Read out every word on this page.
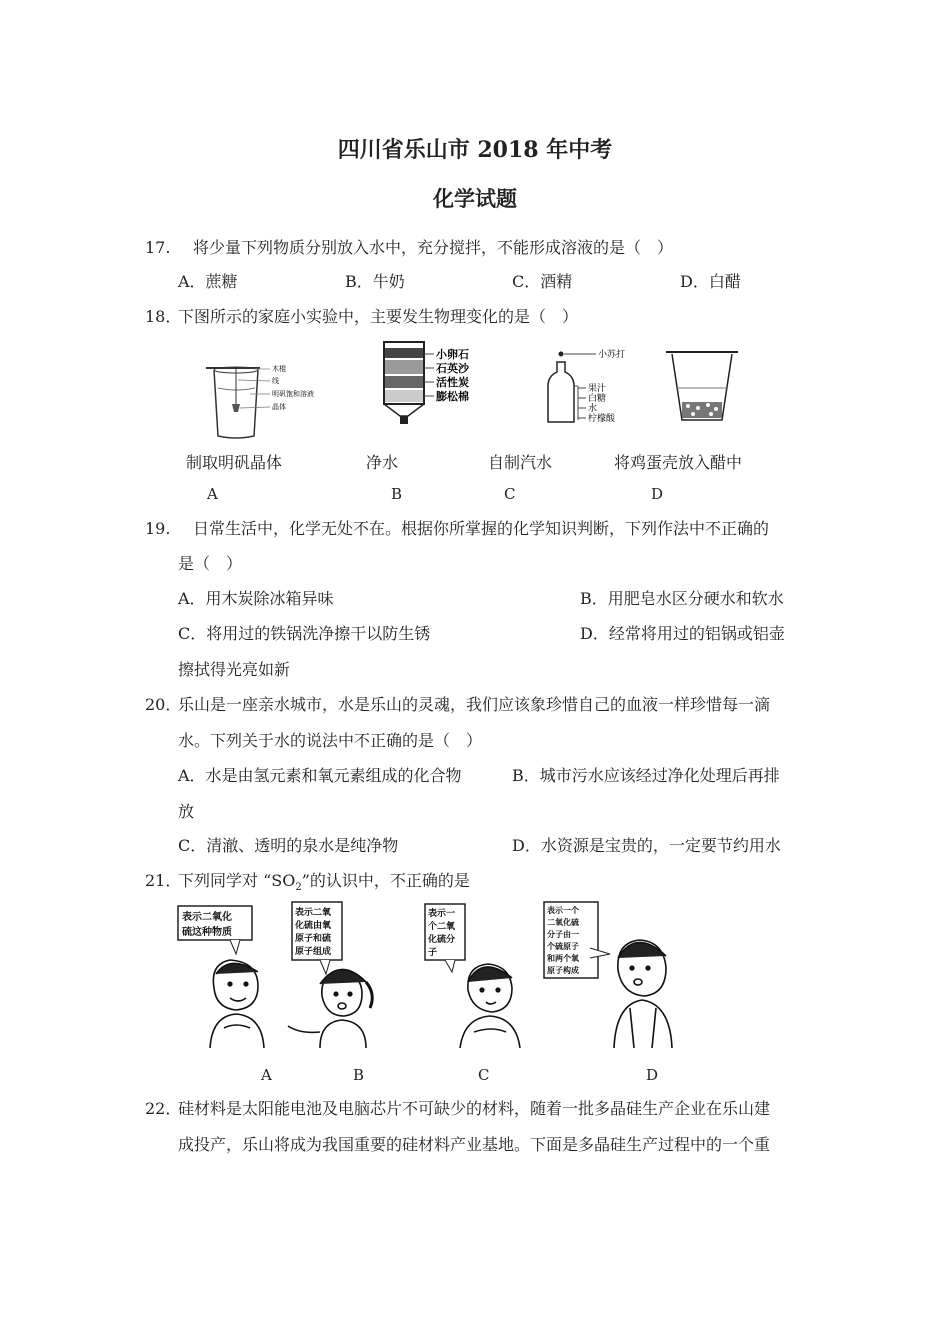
四川省乐山市 2018 年中考
化学试题
17. 将少量下列物质分别放入水中，充分搅拌，不能形成溶液的是（　）
A．蔗糖	B．牛奶	C．酒精	D．白醋
18．
下图所示的家庭小实验中，主要发生物理变化的是（　）
木棍
线
明矾饱和溶液
晶体
小卵石
石英沙
活性炭
膨松棉
小苏打
果汁
白糖
水
柠檬酸
制取明矾晶体	净水	自制汽水	将鸡蛋壳放入醋中
A	B	C	D
19. 日常生活中，化学无处不在。根据你所掌握的化学知识判断，下列作法中不正确的
是（　）
A．用木炭除冰箱异味	B．用肥皂水区分硬水和软水
C．将用过的铁锅洗净擦干以防生锈	D．经常将用过的铝锅或铝壶
擦拭得光亮如新
20．
乐山是一座亲水城市，水是乐山的灵魂，我们应该象珍惜自己的血液一样珍惜每一滴
水。下列关于水的说法中不正确的是（　）
A．水是由氢元素和氧元素组成的化合物	B．城市污水应该经过净化处理后再排
放
C．清澈、透明的泉水是纯净物	D．水资源是宝贵的，一定要节约用水
21．
下列同学对 “$SO_2$”的认识中，不正确的是
表示二氧化
硫这种物质
表示二氧
化硫由氧
原子和硫
原子组成
表示一
个二氧
化硫分
子
表示一个
二氧化硫
分子由一
个硫原子
和两个氧
原子构成
A	B	C	D
22．
硅材料是太阳能电池及电脑芯片不可缺少的材料，随着一批多晶硅生产企业在乐山建
成投产，乐山将成为我国重要的硅材料产业基地。下面是多晶硅生产过程中的一个重
